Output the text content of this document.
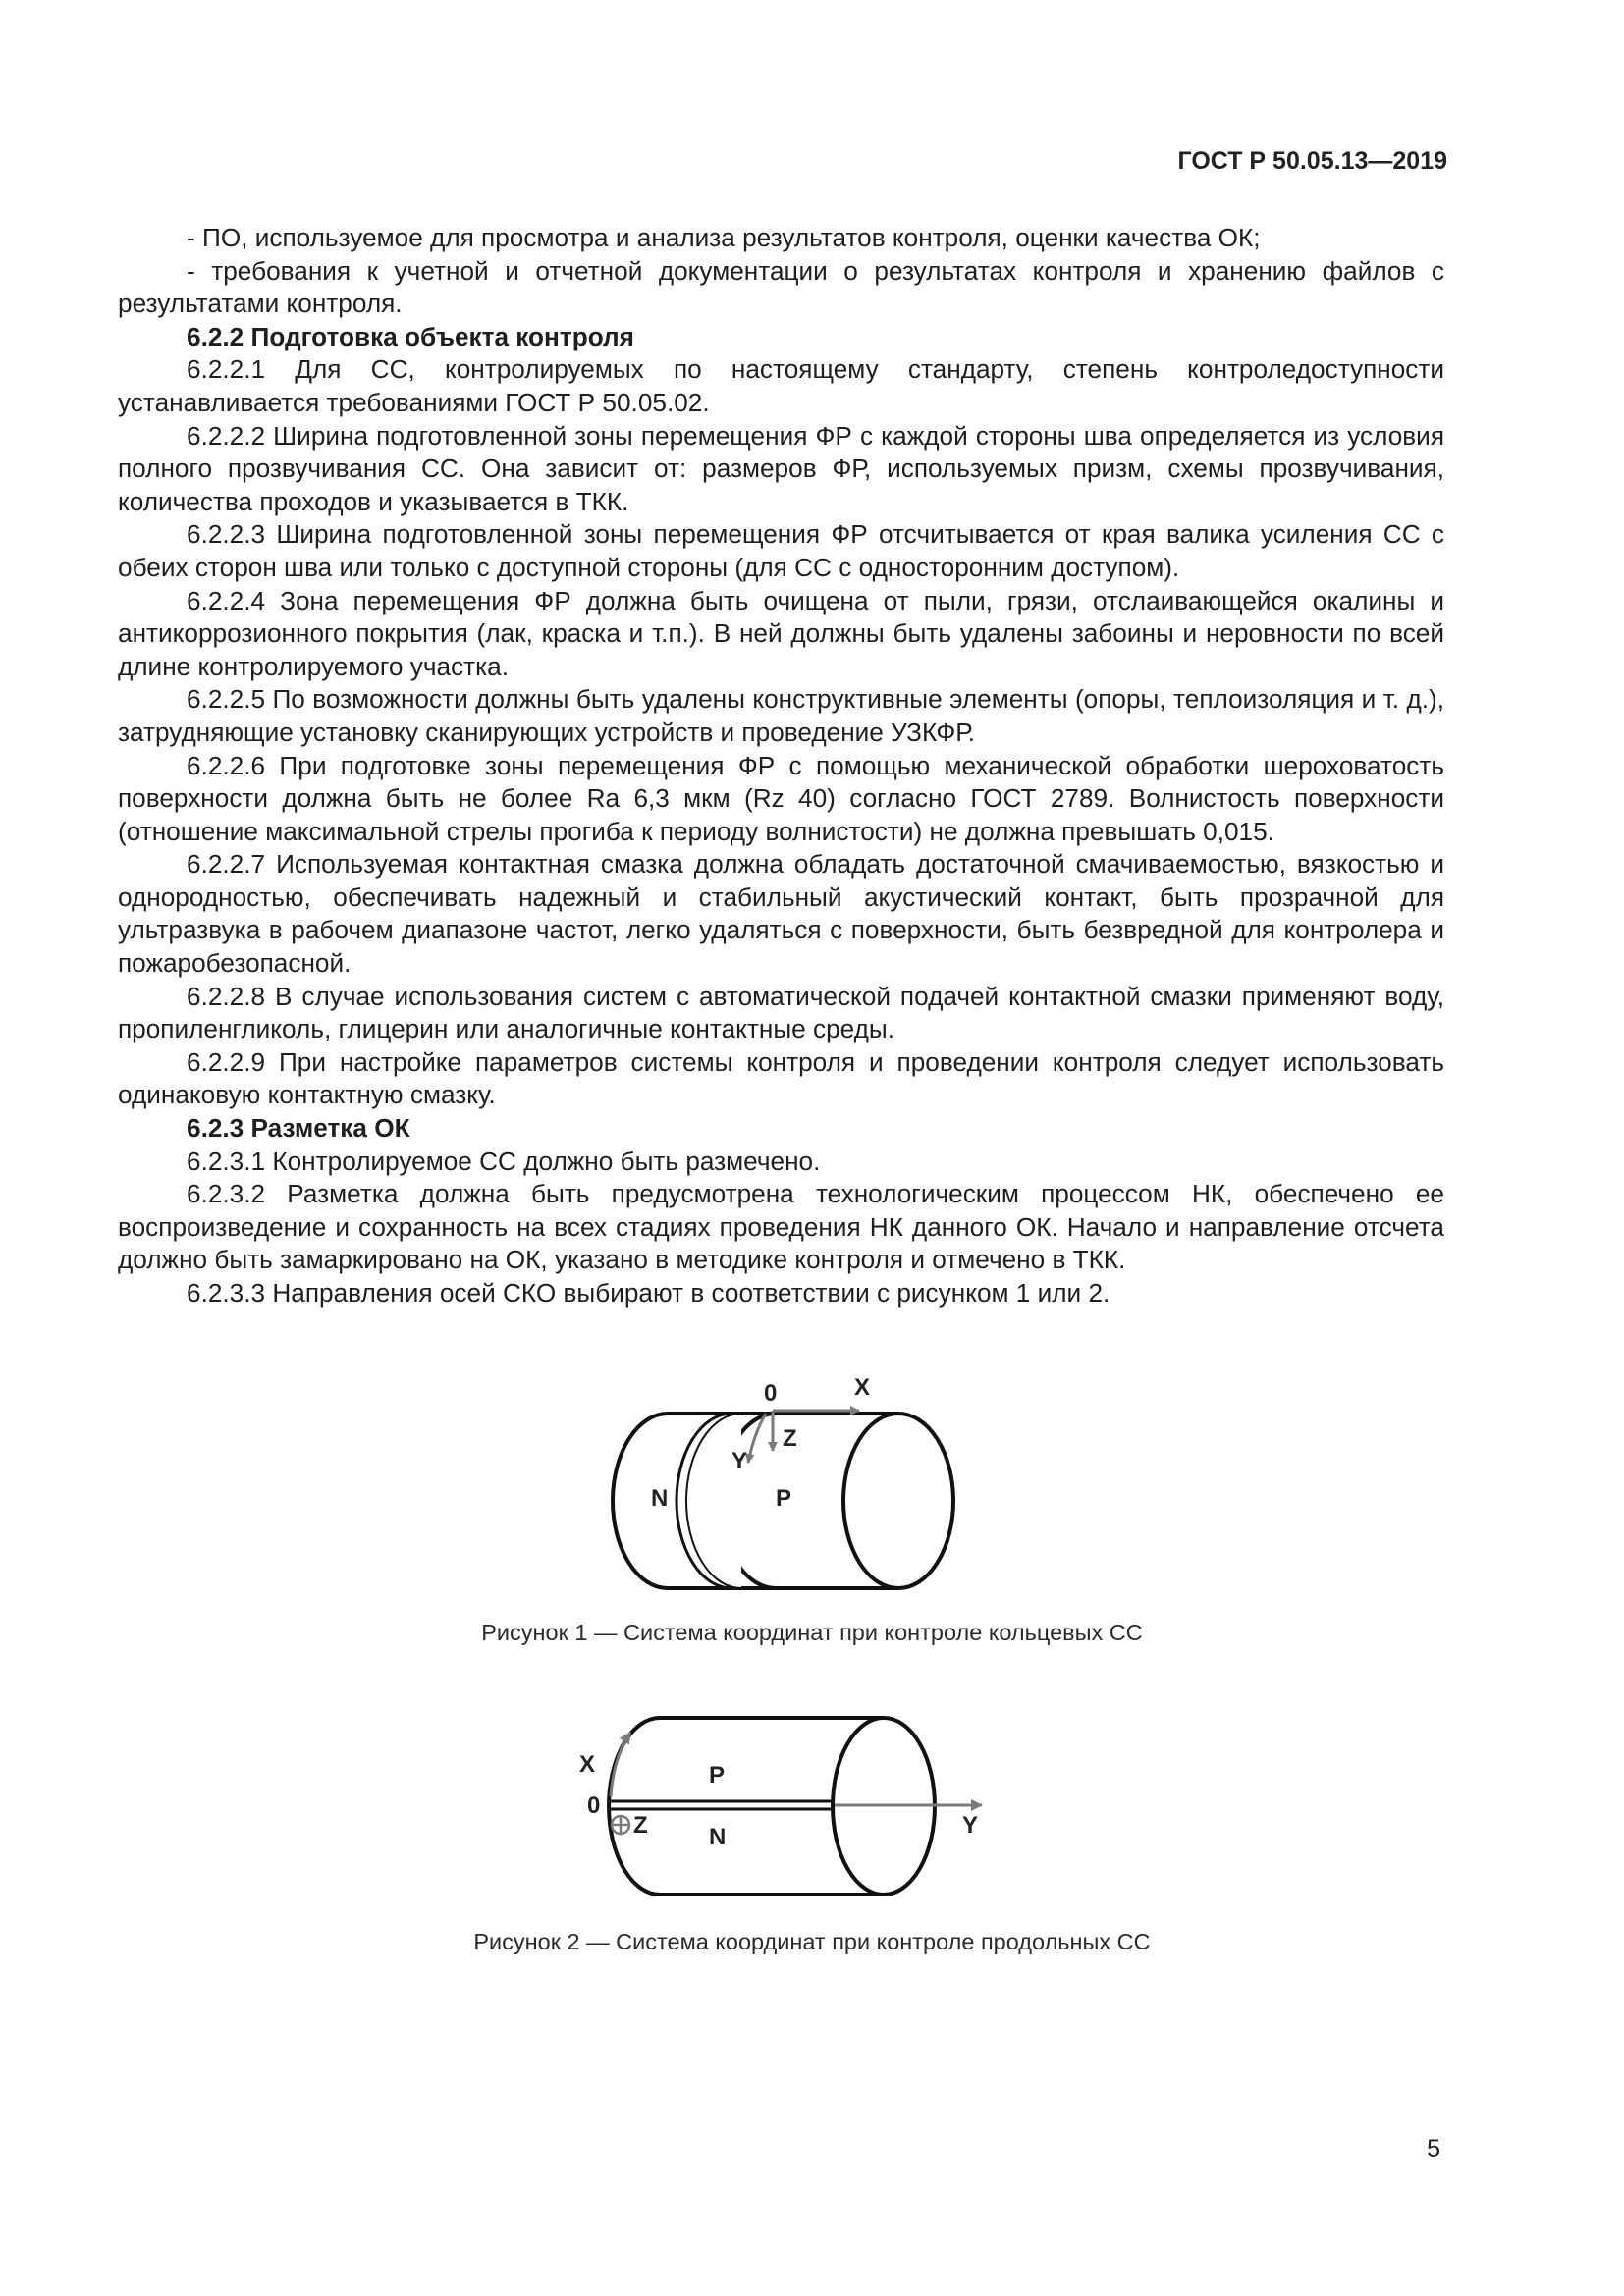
ГОСТ Р 50.05.13—2019

- ПО, используемое для просмотра и анализа результатов контроля, оценки качества ОК;

- требования к учетной и отчетной документации о результатах контроля и хранению файлов с результатами контроля.

6.2.2 Подготовка объекта контроля

6.2.2.1 Для СС, контролируемых по настоящему стандарту, степень контроледоступности устанавливается требованиями ГОСТ Р 50.05.02.

6.2.2.2 Ширина подготовленной зоны перемещения ФР с каждой стороны шва определяется из условия полного прозвучивания СС. Она зависит от: размеров ФР, используемых призм, схемы прозвучивания, количества проходов и указывается в ТКК.

6.2.2.3 Ширина подготовленной зоны перемещения ФР отсчитывается от края валика усиления СС с обеих сторон шва или только с доступной стороны (для СС с односторонним доступом).

6.2.2.4 Зона перемещения ФР должна быть очищена от пыли, грязи, отслаивающейся окалины и антикоррозионного покрытия (лак, краска и т.п.). В ней должны быть удалены забоины и неровности по всей длине контролируемого участка.

6.2.2.5 По возможности должны быть удалены конструктивные элементы (опоры, теплоизоляция и т. д.), затрудняющие установку сканирующих устройств и проведение УЗКФР.

6.2.2.6 При подготовке зоны перемещения ФР с помощью механической обработки шероховатость поверхности должна быть не более Ra 6,3 мкм (Rz 40) согласно ГОСТ 2789. Волнистость поверхности (отношение максимальной стрелы прогиба к периоду волнистости) не должна превышать 0,015.

6.2.2.7 Используемая контактная смазка должна обладать достаточной смачиваемостью, вязкостью и однородностью, обеспечивать надежный и стабильный акустический контакт, быть прозрачной для ультразвука в рабочем диапазоне частот, легко удаляться с поверхности, быть безвредной для контролера и пожаробезопасной.

6.2.2.8 В случае использования систем с автоматической подачей контактной смазки применяют воду, пропиленгликоль, глицерин или аналогичные контактные среды.

6.2.2.9 При настройке параметров системы контроля и проведении контроля следует использовать одинаковую контактную смазку.

6.2.3 Разметка ОК

6.2.3.1 Контролируемое СС должно быть размечено.

6.2.3.2 Разметка должна быть предусмотрена технологическим процессом НК, обеспечено ее воспроизведение и сохранность на всех стадиях проведения НК данного ОК. Начало и направление отсчета должно быть замаркировано на ОК, указано в методике контроля и отмечено в ТКК.

6.2.3.3 Направления осей СКО выбирают в соответствии с рисунком 1 или 2.

0	X
Z
Y
N	P
Рисунок 1 — Система координат при контроле кольцевых СС
X
0
Z
P
N	Y
Рисунок 2 — Система координат при контроле продольных СС
5
